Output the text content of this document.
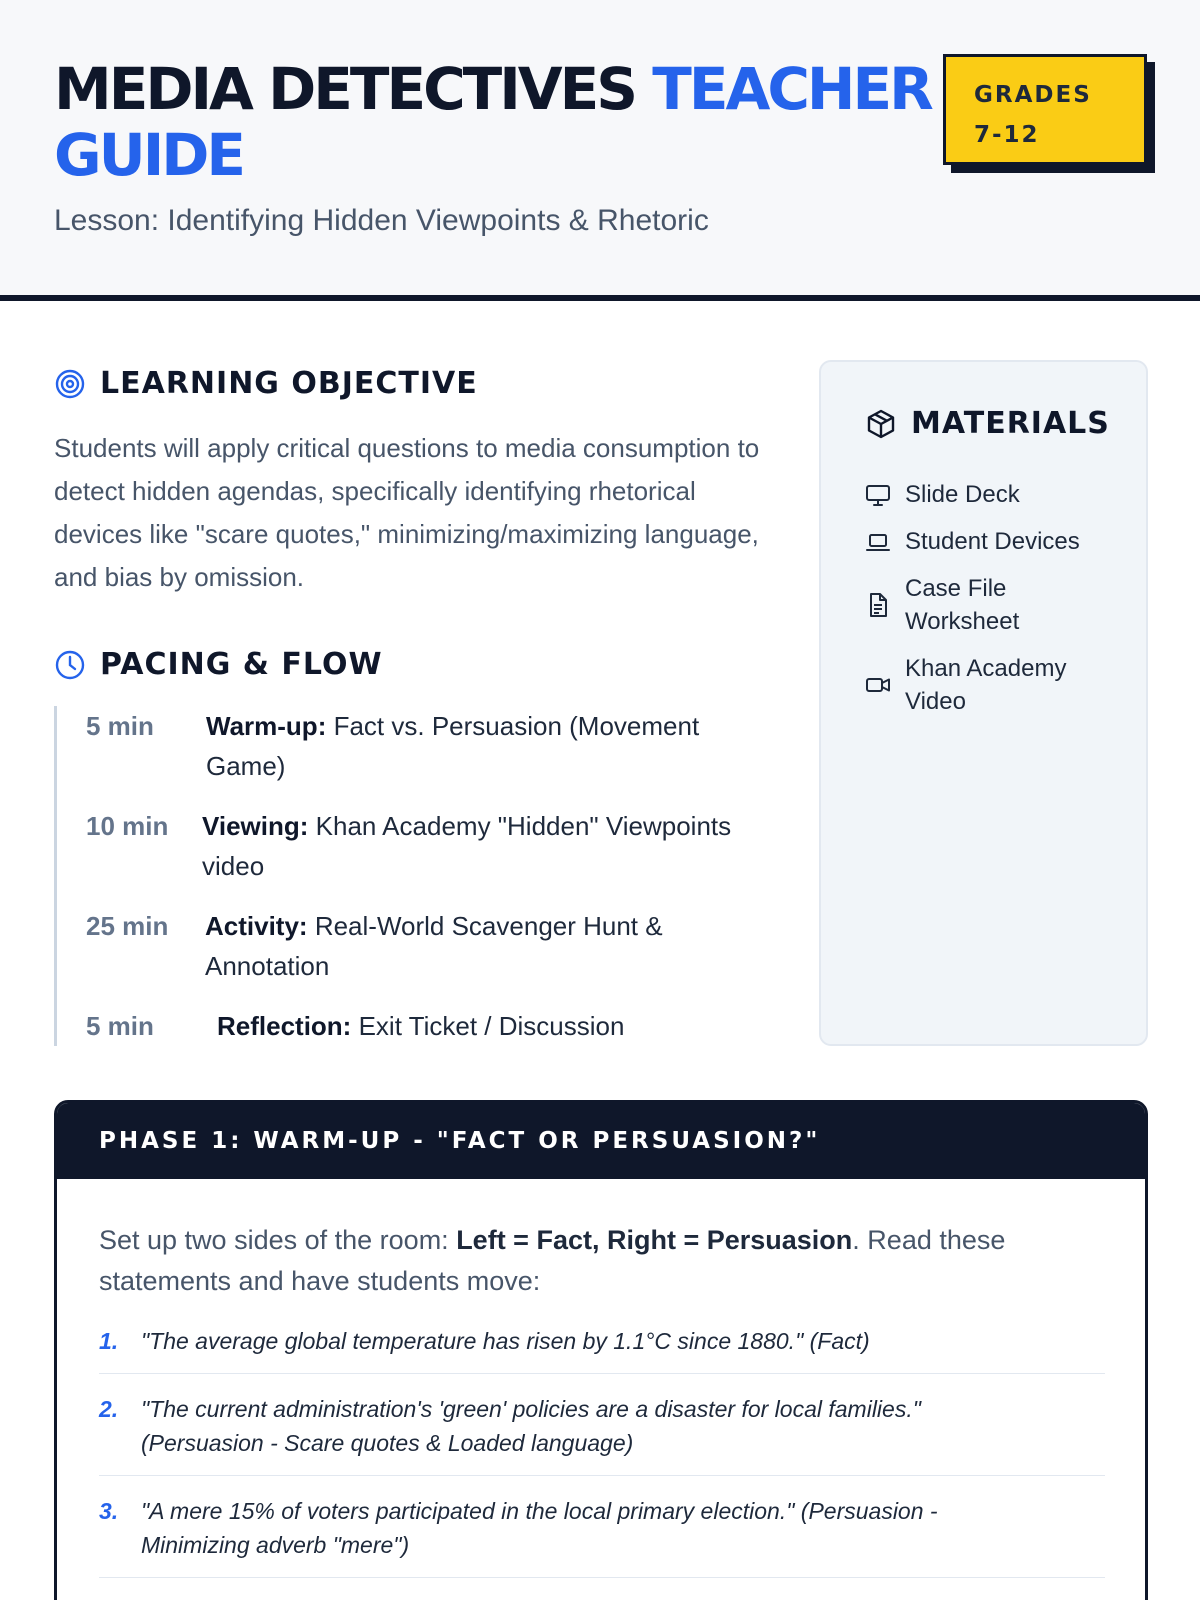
MEDIA DETECTIVES TEACHER GUIDE
Lesson: Identifying Hidden Viewpoints & Rhetoric
GRADES
7-12
LEARNING OBJECTIVE
Students will apply critical questions to media consumption to detect hidden agendas, specifically identifying rhetorical devices like "scare quotes," minimizing/maximizing language, and bias by omission.
PACING & FLOW
5 min Warm-up: Fact vs. Persuasion (Movement Game)
10 min Viewing: Khan Academy "Hidden" Viewpoints video
25 min Activity: Real-World Scavenger Hunt & Annotation
5 min Reflection: Exit Ticket / Discussion
MATERIALS
Slide Deck
Student Devices
Case File Worksheet
Khan Academy Video
PHASE 1: WARM-UP - "FACT OR PERSUASION?"
Set up two sides of the room: Left = Fact, Right = Persuasion. Read these statements and have students move:
1. "The average global temperature has risen by 1.1°C since 1880." (Fact)
2. "The current administration's 'green' policies are a disaster for local families." (Persuasion - Scare quotes & Loaded language)
3. "A mere 15% of voters participated in the local primary election." (Persuasion - Minimizing adverb "mere")
